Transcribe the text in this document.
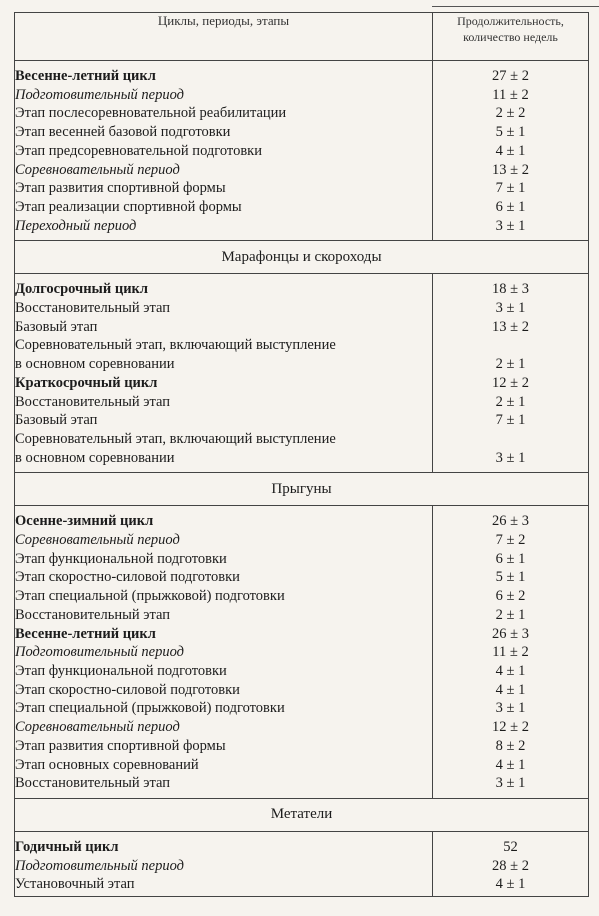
Циклы, периоды, этапы	Продолжительность, количество недель
Весенне-летний цикл	27 ± 2
Подготовительный период	11 ± 2
Этап послесоревновательной реабилитации	2 ± 2
Этап весенней базовой подготовки	5 ± 1
Этап предсоревновательной подготовки	4 ± 1
Соревновательный период	13 ± 2
Этап развития спортивной формы	7 ± 1
Этап реализации спортивной формы	6 ± 1
Переходный период	3 ± 1
Марафонцы и скороходы	
Долгосрочный цикл	18 ± 3
Восстановительный этап	3 ± 1
Базовый этап	13 ± 2
Соревновательный этап, включающий выступление
в основном соревновании	2 ± 1
Краткосрочный цикл	12 ± 2
Восстановительный этап	2 ± 1
Базовый этап	7 ± 1
Соревновательный этап, включающий выступление
в основном соревновании	3 ± 1
Прыгуны	
Осенне-зимний цикл	26 ± 3
Соревновательный период	7 ± 2
Этап функциональной подготовки	6 ± 1
Этап скоростно-силовой подготовки	5 ± 1
Этап специальной (прыжковой) подготовки	6 ± 2
Восстановительный этап	2 ± 1
Весенне-летний цикл	26 ± 3
Подготовительный период	11 ± 2
Этап функциональной подготовки	4 ± 1
Этап скоростно-силовой подготовки	4 ± 1
Этап специальной (прыжковой) подготовки	3 ± 1
Соревновательный период	12 ± 2
Этап развития спортивной формы	8 ± 2
Этап основных соревнований	4 ± 1
Восстановительный этап	3 ± 1
Метатели	
Годичный цикл	52
Подготовительный период	28 ± 2
Установочный этап	4 ± 1
